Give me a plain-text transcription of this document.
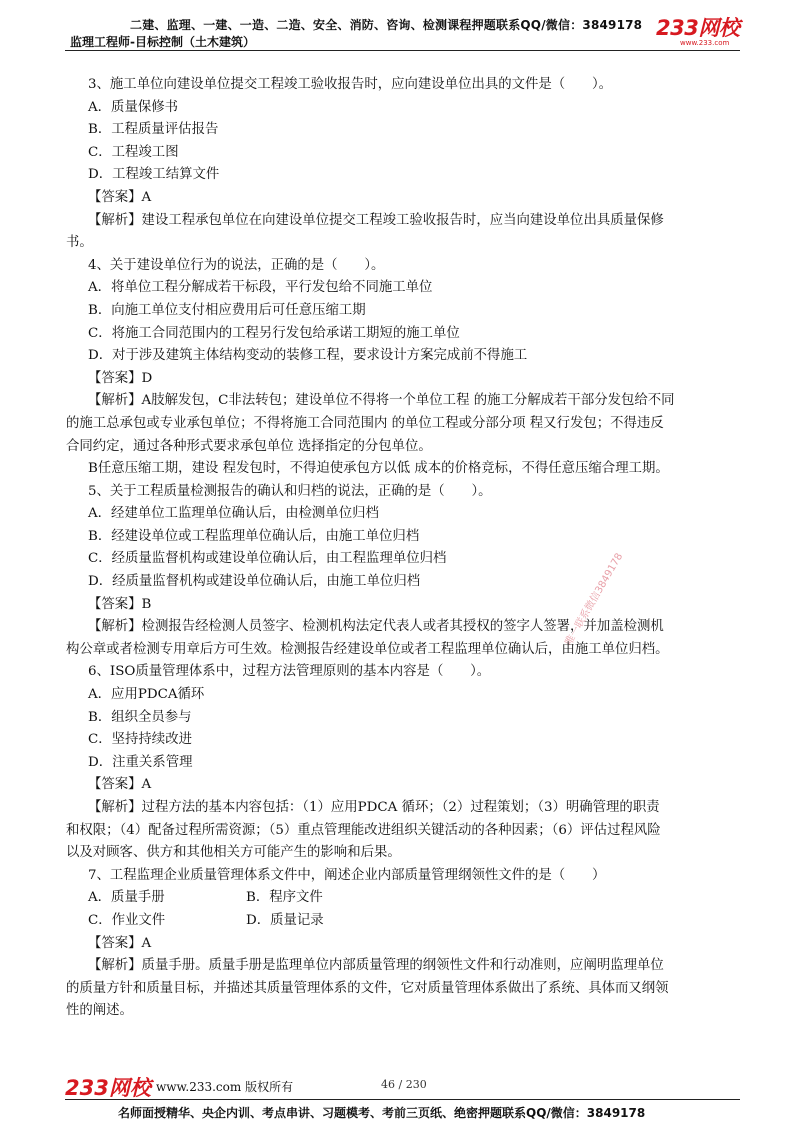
二建、监理、一建、一造、二造、安全、消防、咨询、检测课程押题联系QQ/微信：3849178
监理工程师-目标控制（土木建筑）
233网校
www.233.com
唯一联系微信3849178
3、施工单位向建设单位提交工程竣工验收报告时，应向建设单位出具的文件是（　　）。
A．质量保修书
B．工程质量评估报告
C．工程竣工图
D．工程竣工结算文件
【答案】A
【解析】建设工程承包单位在向建设单位提交工程竣工验收报告时，应当向建设单位出具质量保修
书。
4、关于建设单位行为的说法，正确的是（　　）。
A．将单位工程分解成若干标段，平行发包给不同施工单位
B．向施工单位支付相应费用后可任意压缩工期
C．将施工合同范围内的工程另行发包给承诺工期短的施工单位
D．对于涉及建筑主体结构变动的装修工程，要求设计方案完成前不得施工
【答案】D
【解析】A肢解发包，C非法转包；建设单位不得将一个单位工程 的施工分解成若干部分发包给不同
的施工总承包或专业承包单位；不得将施工合同范围内 的单位工程或分部分项 程又行发包；不得违反
合同约定，通过各种形式要求承包单位 选择指定的分包单位。
B任意压缩工期，建设 程发包时，不得迫使承包方以低 成本的价格竞标，不得任意压缩合理工期。
5、关于工程质量检测报告的确认和归档的说法，正确的是（　　）。
A．经建单位工监理单位确认后，由检测单位归档
B．经建设单位或工程监理单位确认后，由施工单位归档
C．经质量监督机构或建设单位确认后，由工程监理单位归档
D．经质量监督机构或建设单位确认后，由施工单位归档
【答案】B
【解析】检测报告经检测人员签字、检测机构法定代表人或者其授权的签字人签署，并加盖检测机
构公章或者检测专用章后方可生效。检测报告经建设单位或者工程监理单位确认后，由施工单位归档。
6、ISO质量管理体系中，过程方法管理原则的基本内容是（　　）。
A．应用PDCA循环
B．组织全员参与
C．坚持持续改进
D．注重关系管理
【答案】A
【解析】过程方法的基本内容包括：（1）应用PDCA 循环；（2）过程策划；（3）明确管理的职责
和权限；（4）配备过程所需资源；（5）重点管理能改进组织关键活动的各种因素；（6）评估过程风险
以及对顾客、供方和其他相关方可能产生的影响和后果。
7、工程监理企业质量管理体系文件中，阐述企业内部质量管理纲领性文件的是（　　）
A．质量手册	B．程序文件
C．作业文件	D．质量记录
【答案】A
【解析】质量手册。质量手册是监理单位内部质量管理的纲领性文件和行动准则，应阐明监理单位
的质量方针和质量目标，并描述其质量管理体系的文件，它对质量管理体系做出了系统、具体而又纲领
性的阐述。
233网校 www.233.com 版权所有	46 / 230
名师面授精华、央企内训、考点串讲、习题模考、考前三页纸、绝密押题联系QQ/微信：3849178
